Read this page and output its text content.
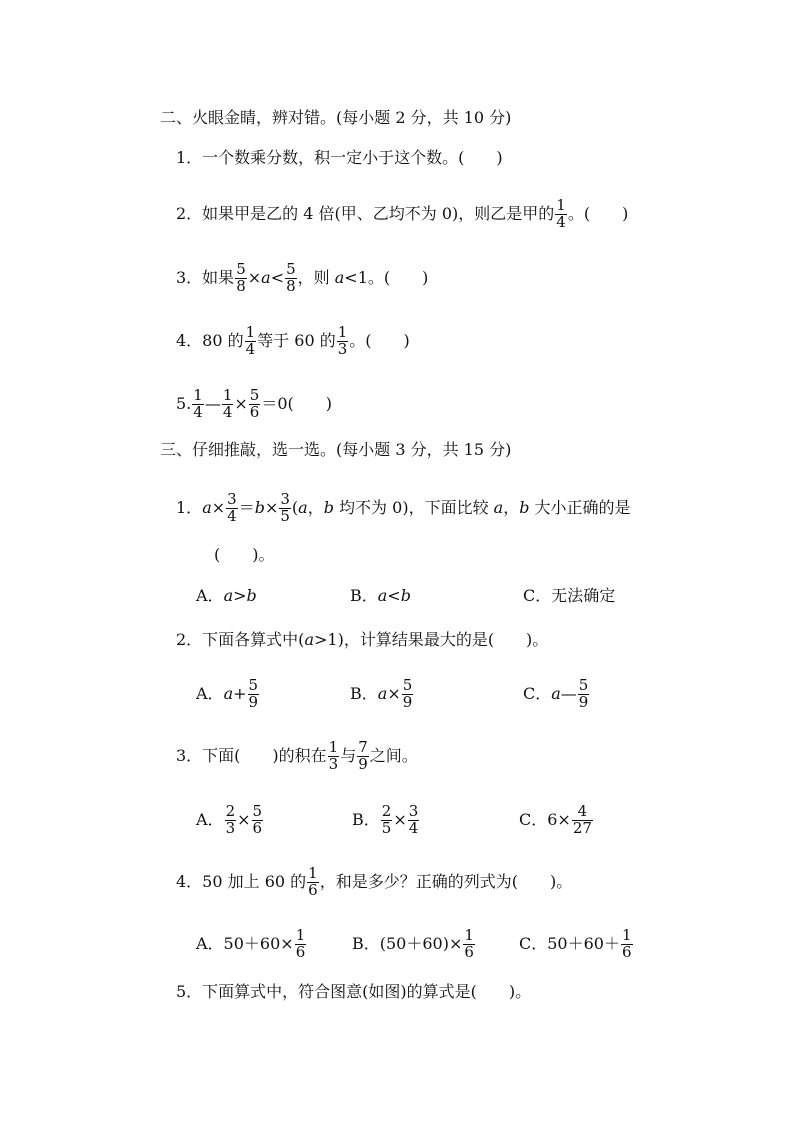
二、火眼金睛，辨对错。(每小题 2 分，共 10 分)
1．一个数乘分数，积一定小于这个数。(　　)
2．如果甲是乙的 4 倍(甲、乙均不为 0)，则乙是甲的 $\frac{1}{4}$ 。(　　)
3．如果 $\frac{5}{8} \times a< \frac{5}{8}$ ，则 a<1。(　　)
4．80 的 $\frac{1}{4}$ 等于 60 的 $\frac{1}{3}$ 。(　　)
5. $\frac{1}{4}$ — $\frac{1}{4} \times \frac{5}{6} =0$(　　)
三、仔细推敲，选一选。(每小题 3 分，共 15 分)
1．$a\times \frac{3}{4} =b\times \frac{3}{5} (a$，b 均不为 0)，下面比较 a，b 大小正确的是
(　　)。
A．a>b	B．a<b	C．无法确定
2．下面各算式中(a>1)，计算结果最大的是(　　)。
A．$a+ \frac{5}{9}$	B．$a\times \frac{5}{9}$	C．a— $\frac{5}{9}$
3．下面(　　)的积在 $\frac{1}{3}$ 与 $\frac{7}{9}$ 之间。
A． $\frac{2}{3} \times \frac{5}{6}$	B． $\frac{2}{5} \times \frac{3}{4}$	C．$6\times \frac{4}{27}$
4．50 加上 60 的 $\frac{1}{6}$ ，和是多少？正确的列式为(　　)。
A．$50+60\times \frac{1}{6}$	B．$(50+60)\times \frac{1}{6}$	C．$50+60+ \frac{1}{6}$
5．下面算式中，符合图意(如图)的算式是(　　)。
